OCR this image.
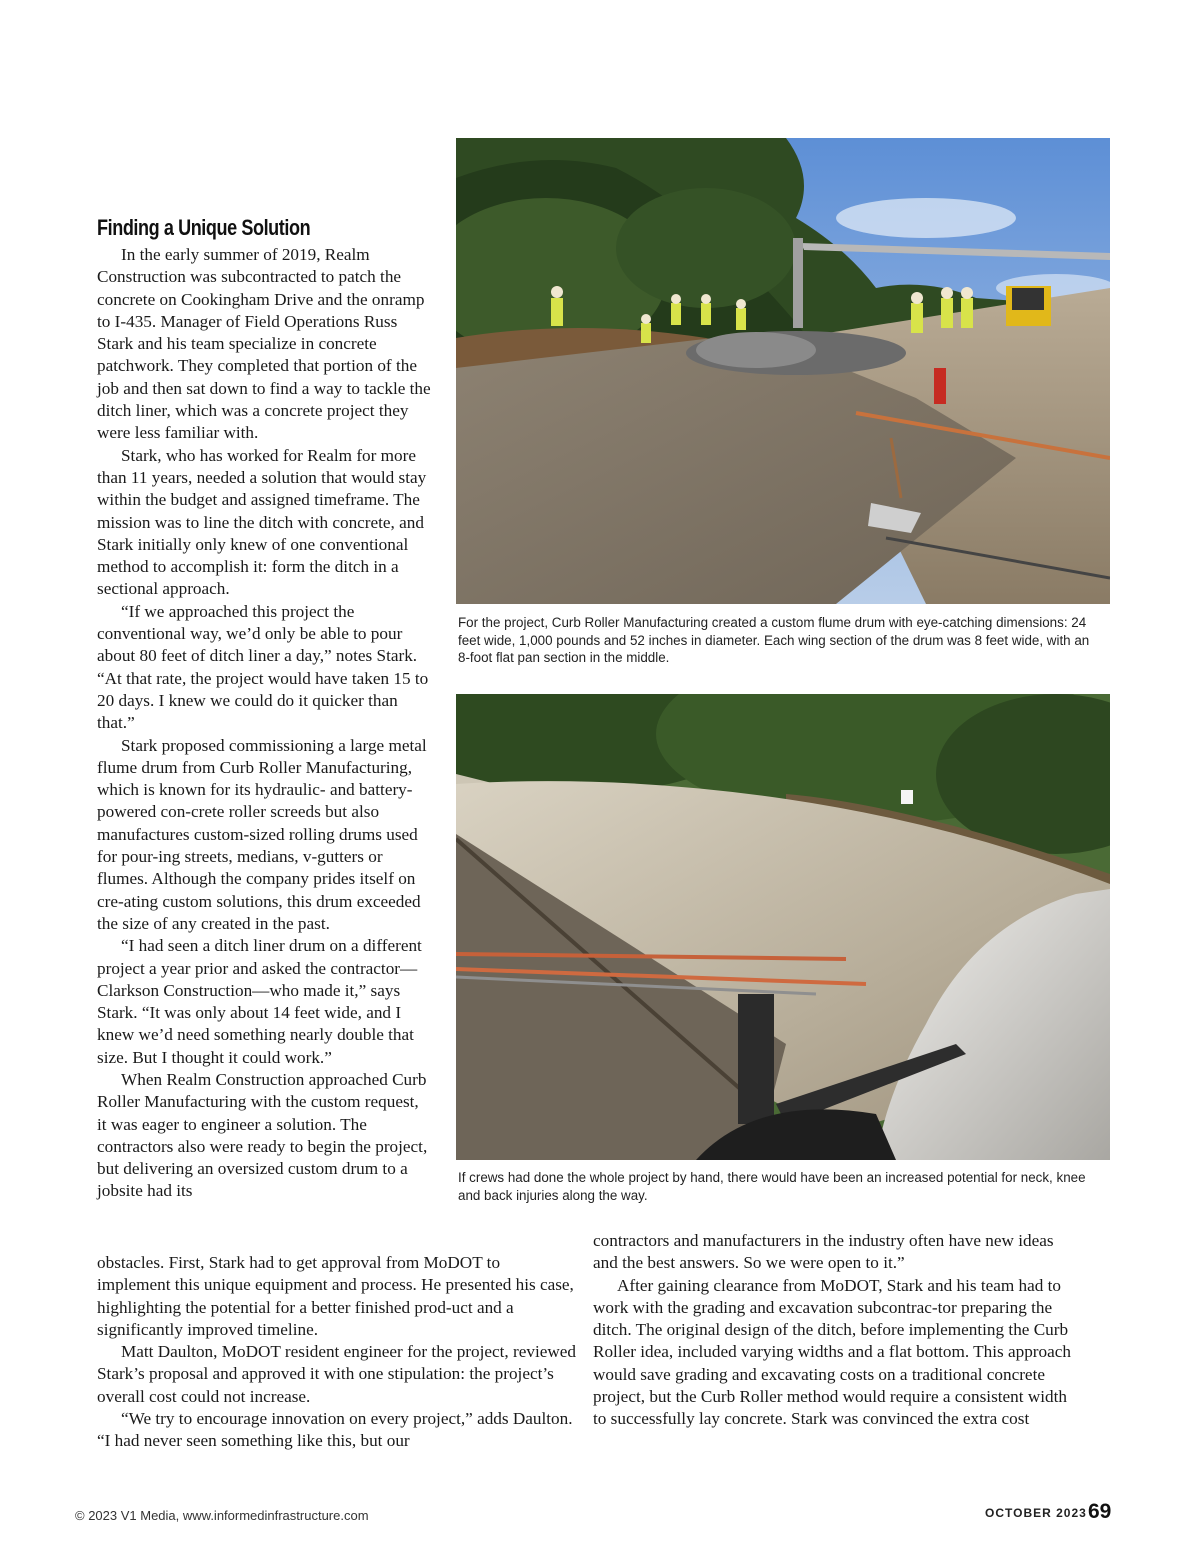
Finding a Unique Solution

In the early summer of 2019, Realm Construction was subcontracted to patch the concrete on Cookingham Drive and the onramp to I-435. Manager of Field Operations Russ Stark and his team specialize in concrete patchwork. They completed that portion of the job and then sat down to find a way to tackle the ditch liner, which was a concrete project they were less familiar with.

Stark, who has worked for Realm for more than 11 years, needed a solution that would stay within the budget and assigned timeframe. The mission was to line the ditch with concrete, and Stark initially only knew of one conventional method to accomplish it: form the ditch in a sectional approach.

“If we approached this project the conventional way, we’d only be able to pour about 80 feet of ditch liner a day,” notes Stark. “At that rate, the project would have taken 15 to 20 days. I knew we could do it quicker than that.”

Stark proposed commissioning a large metal flume drum from Curb Roller Manufacturing, which is known for its hydraulic- and battery-powered con-crete roller screeds but also manufactures custom-sized rolling drums used for pour-ing streets, medians, v-gutters or flumes. Although the company prides itself on cre-ating custom solutions, this drum exceeded the size of any created in the past.

“I had seen a ditch liner drum on a different project a year prior and asked the contractor—Clarkson Construction—who made it,” says Stark. “It was only about 14 feet wide, and I knew we’d need something nearly double that size. But I thought it could work.”

When Realm Construction approached Curb Roller Manufacturing with the custom request, it was eager to engineer a solution. The contractors also were ready to begin the project, but delivering an oversized custom drum to a jobsite had its

obstacles. First, Stark had to get approval from MoDOT to implement this unique equipment and process. He presented his case, highlighting the potential for a better finished prod-uct and a significantly improved timeline.

Matt Daulton, MoDOT resident engineer for the project, reviewed Stark’s proposal and approved it with one stipulation: the project’s overall cost could not increase.

“We try to encourage innovation on every project,” adds Daulton. “I had never seen something like this, but our

contractors and manufacturers in the industry often have new ideas and the best answers. So we were open to it.”

After gaining clearance from MoDOT, Stark and his team had to work with the grading and excavation subcontrac-tor preparing the ditch. The original design of the ditch, before implementing the Curb Roller idea, included varying widths and a flat bottom. This approach would save grading and excavating costs on a traditional concrete project, but the Curb Roller method would require a consistent width to successfully lay concrete. Stark was convinced the extra cost

For the project, Curb Roller Manufacturing created a custom flume drum with eye-catching dimensions: 24 feet wide, 1,000 pounds and 52 inches in diameter. Each wing section of the drum was 8 feet wide, with an 8-foot flat pan section in the middle.
If crews had done the whole project by hand, there would have been an increased potential for neck, knee and back injuries along the way.
© 2023 V1 Media, www.informedinfrastructure.com	OCTOBER 2023 69
